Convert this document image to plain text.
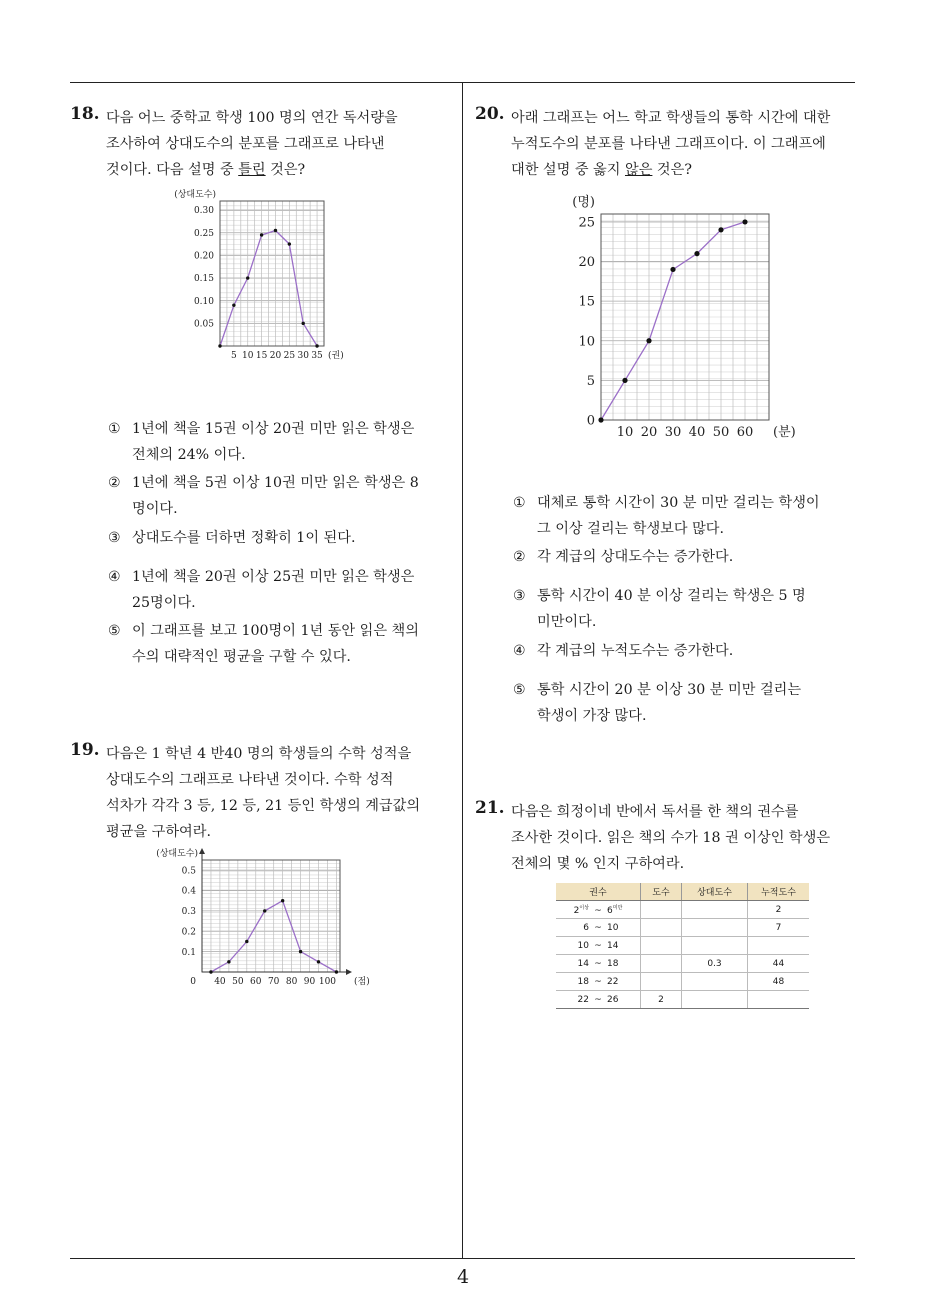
18. 다음 어느 중학교 학생 100 명의 연간 독서량을
조사하여 상대도수의 분포를 그래프로 나타낸
것이다. 다음 설명 중 틀린 것은?
0.05
0.10
0.15
0.20
0.25
0.30
5 10 15 20 25 30 35
(상대도수)
(권)
① 1년에 책을 15권 이상 20권 미만 읽은 학생은
전체의 24% 이다.
② 1년에 책을 5권 이상 10권 미만 읽은 학생은 8
명이다.
③ 상대도수를 더하면 정확히 1이 된다.
④ 1년에 책을 20권 이상 25권 미만 읽은 학생은
25명이다.
⑤ 이 그래프를 보고 100명이 1년 동안 읽은 책의
수의 대략적인 평균을 구할 수 있다.
19. 다음은 1 학년 4 반40 명의 학생들의 수학 성적을
상대도수의 그래프로 나타낸 것이다. 수학 성적
석차가 각각 3 등, 12 등, 21 등인 학생의 계급값의
평균을 구하여라.
0.1
0.2
0.3
0.4
0.5
40 50 60 70 80 90 100
0
(상대도수)
(점)
20. 아래 그래프는 어느 학교 학생들의 통학 시간에 대한
누적도수의 분포를 나타낸 그래프이다. 이 그래프에
대한 설명 중 옳지 않은 것은?
5
10
15
20
25
10 20 30 40 50 60
0
(명)
(분)
① 대체로 통학 시간이 30 분 미만 걸리는 학생이
그 이상 걸리는 학생보다 많다.
② 각 계급의 상대도수는 증가한다.
③ 통학 시간이 40 분 이상 걸리는 학생은 5 명
미만이다.
④ 각 계급의 누적도수는 증가한다.
⑤ 통학 시간이 20 분 이상 30 분 미만 걸리는
학생이 가장 많다.
21. 다음은 희정이네 반에서 독서를 한 책의 권수를
조사한 것이다. 읽은 책의 수가 18 권 이상인 학생은
전체의 몇 % 인지 구하여라.
권수	도수	상대도수	누적도수
$2^{이상}$ ~ $6^{미만}$			2
6 ~ 10			7
10 ~ 14			
14 ~ 18		0.3	44
18 ~ 22			48
22 ~ 26	2		
4
